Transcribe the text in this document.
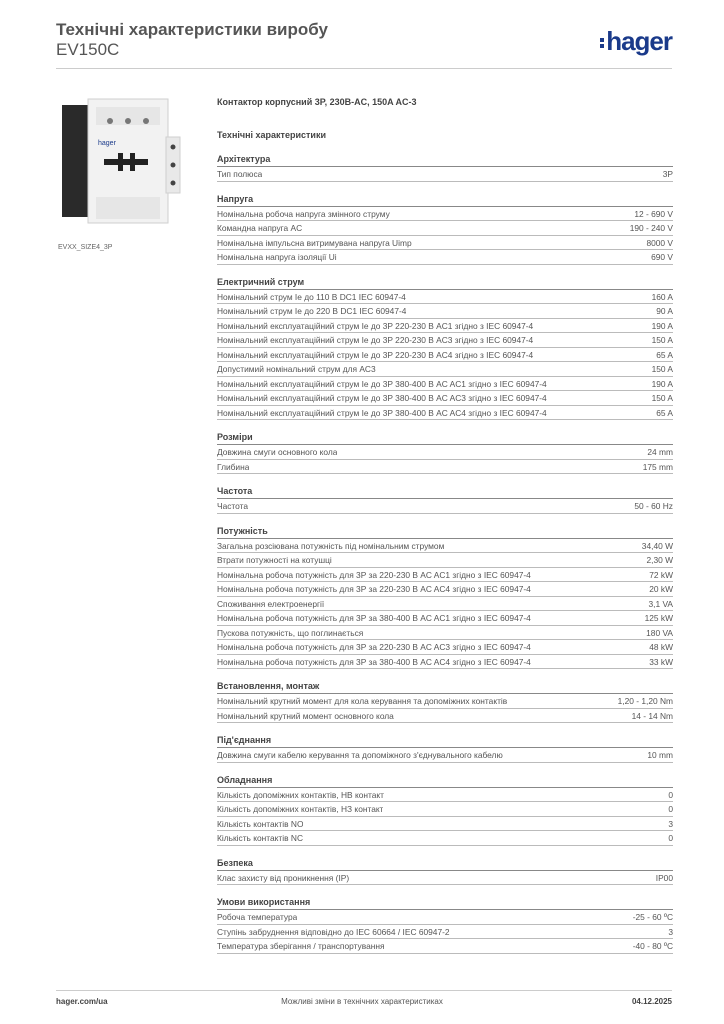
Технічні характеристики виробу
EV150C	hager
hager
EVXX_SIZE4_3P
Контактор корпусний 3P, 230В-AC, 150A AC-3
Технічні характеристики
Архітектура
Тип полюса	3P
Напруга
Номінальна робоча напруга змінного струму	12 - 690 V
Командна напруга AC	190 - 240 V
Номінальна імпульсна витримувана напруга Uimp	8000 V
Номінальна напруга ізоляції Ui	690 V
Електричний струм
Номінальний струм Ie до 110 В DC1 IEC 60947-4	160 A
Номінальний струм Ie до 220 В DC1 IEC 60947-4	90 A
Номінальний експлуатаційний струм Ie до 3P 220-230 В AC1 згідно з IEC 60947-4	190 A
Номінальний експлуатаційний струм Ie до 3P 220-230 В AC3 згідно з IEC 60947-4	150 A
Номінальний експлуатаційний струм Ie до 3P 220-230 В AC4 згідно з IEC 60947-4	65 A
Допустимий номінальний струм для AC3	150 A
Номінальний експлуатаційний струм Ie до 3P 380-400 В AC AC1 згідно з IEC 60947-4	190 A
Номінальний експлуатаційний струм Ie до 3P 380-400 В AC AC3 згідно з IEC 60947-4	150 A
Номінальний експлуатаційний струм Ie до 3P 380-400 В AC AC4 згідно з IEC 60947-4	65 A
Розміри
Довжина смуги основного кола	24 mm
Глибина	175 mm
Частота
Частота	50 - 60 Hz
Потужність
Загальна розсіювана потужність під номінальним струмом	34,40 W
Втрати потужності на котушці	2,30 W
Номінальна робоча потужність для 3P за 220-230 В AC AC1 згідно з IEC 60947-4	72 kW
Номінальна робоча потужність для 3P за 220-230 В AC AC4 згідно з IEC 60947-4	20 kW
Споживання електроенергії	3,1 VA
Номінальна робоча потужність для 3P за 380-400 В AC AC1 згідно з IEC 60947-4	125 kW
Пускова потужність, що поглинається	180 VA
Номінальна робоча потужність для 3P за 220-230 В AC AC3 згідно з IEC 60947-4	48 kW
Номінальна робоча потужність для 3P за 380-400 В AC AC4 згідно з IEC 60947-4	33 kW
Встановлення, монтаж
Номінальний крутний момент для кола керування та допоміжних контактів	1,20 - 1,20 Nm
Номінальний крутний момент основного кола	14 - 14 Nm
Під'єднання
Довжина смуги кабелю керування та допоміжного з'єднувального кабелю	10 mm
Обладнання
Кількість допоміжних контактів, НВ контакт	0
Кількість допоміжних контактів, НЗ контакт	0
Кількість контактів NO	3
Кількість контактів NC	0
Безпека
Клас захисту від проникнення (IP)	IP00
Умови використання
Робоча температура	-25 - 60 ºC
Ступінь забруднення відповідно до IEC 60664 / IEC 60947-2	3
Температура зберігання / транспортування	-40 - 80 ºC
hager.com/ua	Можливі зміни в технічних характеристиках	04.12.2025
